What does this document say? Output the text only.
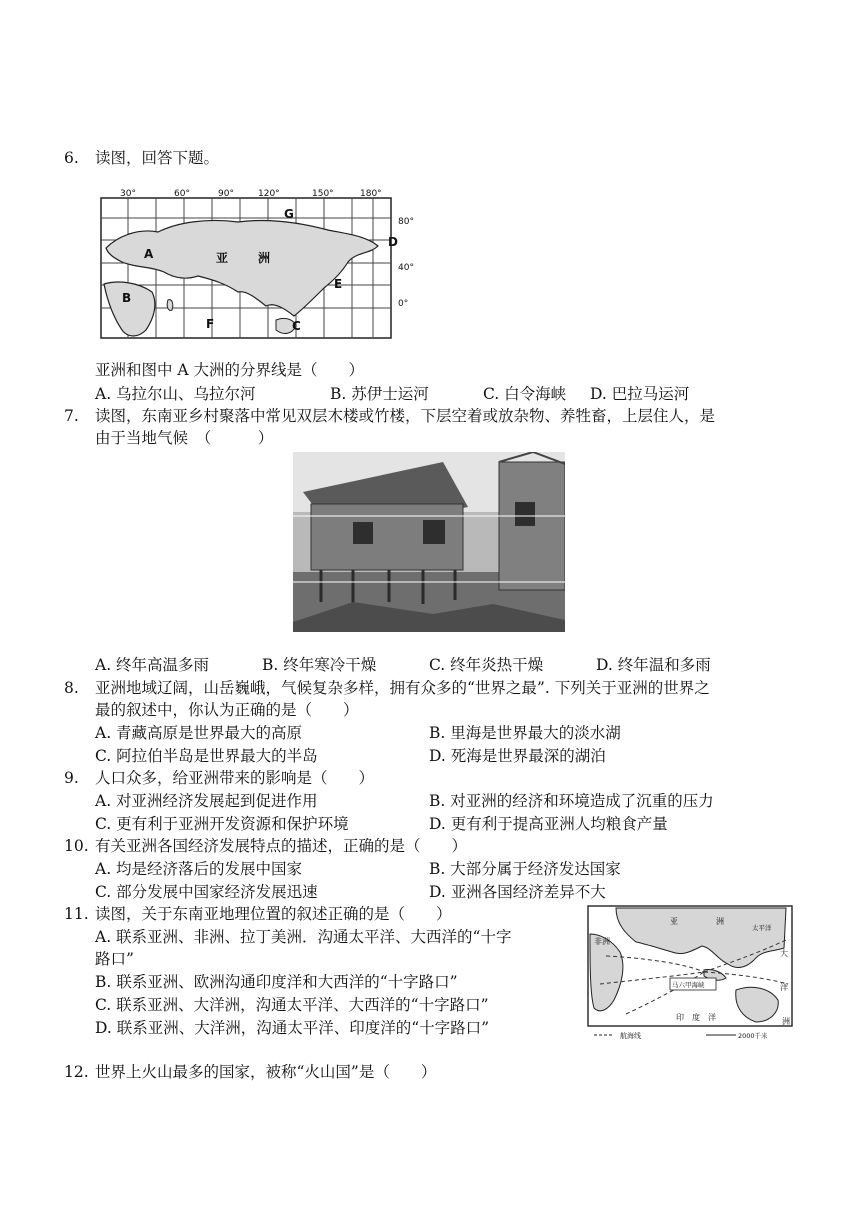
6. 读图，回答下题。
30°	60°	90°	120°	150°	180°
80°
40°
0°
G
A	亚 洲
D
E
B
F	C
亚洲和图中 A 大洲的分界线是（　　）
A. 乌拉尔山、乌拉尔河	B. 苏伊士运河	C. 白令海峡 D. 巴拉马运河
7. 读图，东南亚乡村聚落中常见双层木楼或竹楼，下层空着或放杂物、养牲畜，上层住人，是
由于当地气候　（　　　）
A. 终年高温多雨	B. 终年寒冷干燥	C. 终年炎热干燥	D. 终年温和多雨
8. 亚洲地域辽阔，山岳巍峨，气候复杂多样，拥有众多的“世界之最”. 下列关于亚洲的世界之
最的叙述中，你认为正确的是（　　）
A. 青藏高原是世界最大的高原	B. 里海是世界最大的淡水湖
C. 阿拉伯半岛是世界最大的半岛	D. 死海是世界最深的湖泊
9. 人口众多，给亚洲带来的影响是（　　）
A. 对亚洲经济发展起到促进作用	B. 对亚洲的经济和环境造成了沉重的压力
C. 更有利于亚洲开发资源和保护环境	D. 更有利于提高亚洲人均粮食产量
10. 有关亚洲各国经济发展特点的描述，正确的是（　　）
A. 均是经济落后的发展中国家	B. 大部分属于经济发达国家
C. 部分发展中国家经济发展迅速	D. 亚洲各国经济差异不大
11. 读图，关于东南亚地理位置的叙述正确的是（　　）
A. 联系亚洲、非洲、拉丁美洲．沟通太平洋、大西洋的“十字
路口”
B. 联系亚洲、欧洲沟通印度洋和大西洋的“十字路口”
C. 联系亚洲、大洋洲，沟通太平洋、大西洋的“十字路口”
D. 联系亚洲、大洋洲，沟通太平洋、印度洋的“十字路口”
亚	洲
非洲
太平洋
大
洋
洲
马六甲海峡
印 度 洋
航海线	2000千米
12. 世界上火山最多的国家，被称“火山国”是（　　）
